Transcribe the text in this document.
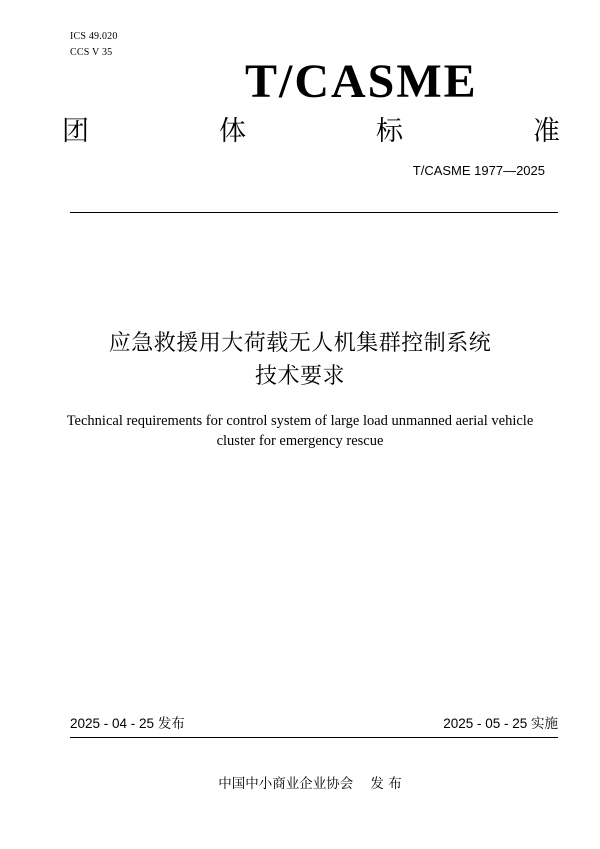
ICS 49.020
CCS V 35
T/CASME
团	体	标	准
T/CASME 1977—2025
应急救援用大荷载无人机集群控制系统
技术要求
Technical requirements for control system of large load unmanned aerial vehicle
cluster for emergency rescue
2025 - 04 - 25 发布	2025 - 05 - 25 实施
中国中小商业企业协会    发 布
